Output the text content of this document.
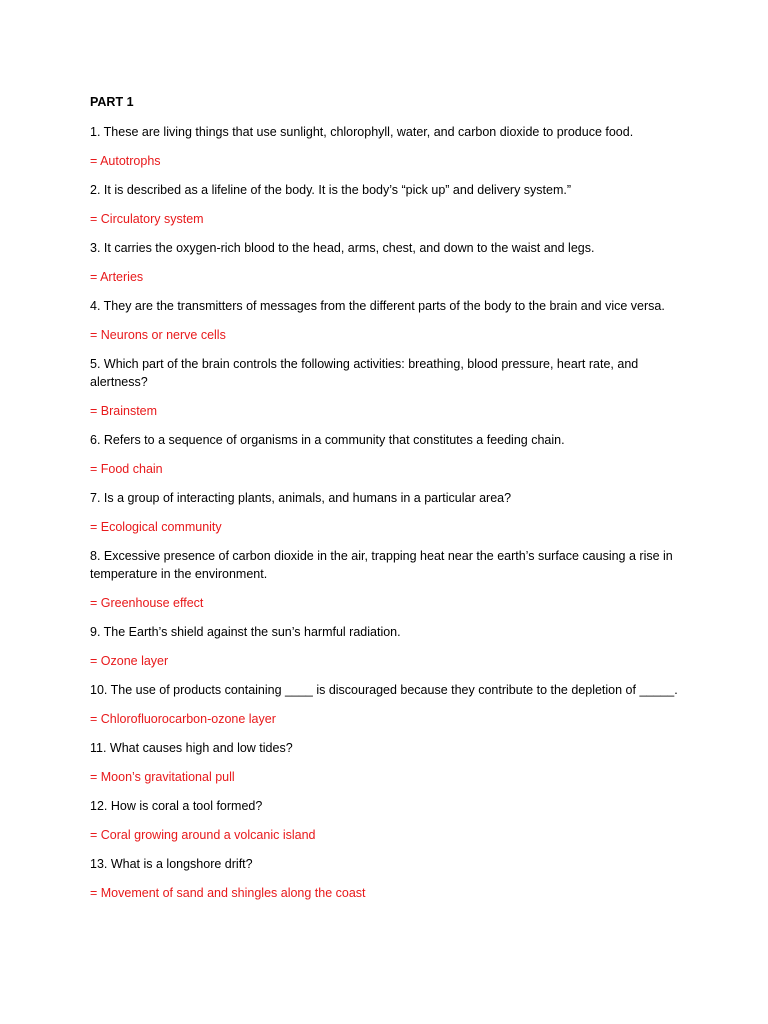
PART 1
1. These are living things that use sunlight, chlorophyll, water, and carbon dioxide to produce food.
= Autotrophs
2. It is described as a lifeline of the body. It is the body’s “pick up” and delivery system.”
= Circulatory system
3. It carries the oxygen-rich blood to the head, arms, chest, and down to the waist and legs.
= Arteries
4. They are the transmitters of messages from the different parts of the body to the brain and vice versa.
= Neurons or nerve cells
5. Which part of the brain controls the following activities: breathing, blood pressure, heart rate, and alertness?
= Brainstem
6. Refers to a sequence of organisms in a community that constitutes a feeding chain.
= Food chain
7. Is a group of interacting plants, animals, and humans in a particular area?
= Ecological community
8. Excessive presence of carbon dioxide in the air, trapping heat near the earth’s surface causing a rise in temperature in the environment.
= Greenhouse effect
9. The Earth’s shield against the sun’s harmful radiation.
= Ozone layer
10. The use of products containing ____ is discouraged because they contribute to the depletion of _____.
= Chlorofluorocarbon-ozone layer
11. What causes high and low tides?
= Moon’s gravitational pull
12. How is coral a tool formed?
= Coral growing around a volcanic island
13. What is a longshore drift?
= Movement of sand and shingles along the coast
